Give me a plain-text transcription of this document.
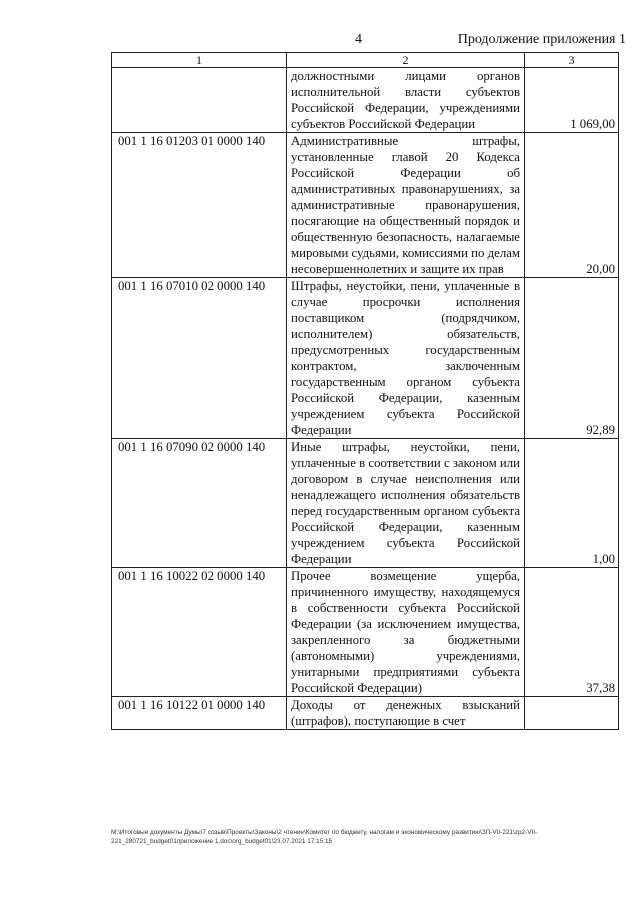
4	Продолжение приложения 1
1	2	3
	должностными лицами органов исполнительной власти субъектов Российской Федерации, учреждениями субъектов Российской Федерации	1 069,00
001 1 16 01203 01 0000 140	Административные штрафы, установленные главой 20 Кодекса Российской Федерации об административных правонарушениях, за административные правонарушения, посягающие на общественный порядок и общественную безопасность, налагаемые мировыми судьями, комиссиями по делам несовершеннолетних и защите их прав	20,00
001 1 16 07010 02 0000 140	Штрафы, неустойки, пени, уплаченные в случае просрочки исполнения поставщиком (подрядчиком, исполнителем) обязательств, предусмотренных государственным контрактом, заключенным государственным органом субъекта Российской Федерации, казенным учреждением субъекта Российской Федерации	92,89
001 1 16 07090 02 0000 140	Иные штрафы, неустойки, пени, уплаченные в соответствии с законом или договором в случае неисполнения или ненадлежащего исполнения обязательств перед государственным органом субъекта Российской Федерации, казенным учреждением субъекта Российской Федерации	1,00
001 1 16 10022 02 0000 140	Прочее возмещение ущерба, причиненного имуществу, находящемуся в собственности субъекта Российской Федерации (за исключением имущества, закрепленного за бюджетными (автономными) учреждениями, унитарными предприятиями субъекта Российской Федерации)	37,38
001 1 16 10122 01 0000 140	Доходы от денежных взысканий (штрафов), поступающие в счет	
M:\Итоговые документы Думы\7 созыв\Проекты\Законы\2 чтение\Комитет по бюджету, налогам и экономическому развитию\ЗП-VII-221\zp2-VII-221_280721_budget01приложение 1.doc\org_budget01\23.07.2021 17:15:15
